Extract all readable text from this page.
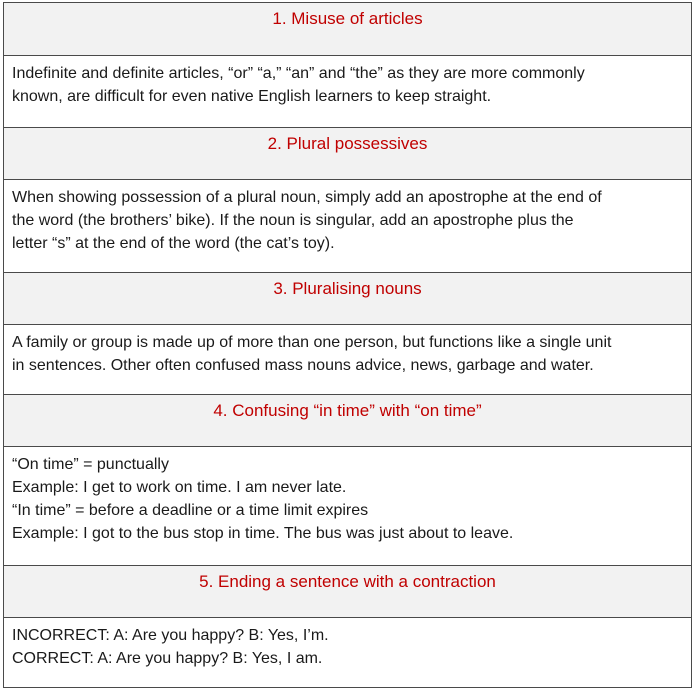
1. Misuse of articles
Indefinite and definite articles, “or” “a,” “an” and “the” as they are more commonly
known, are difficult for even native English learners to keep straight.
2. Plural possessives
When showing possession of a plural noun, simply add an apostrophe at the end of
the word (the brothers’ bike). If the noun is singular, add an apostrophe plus the
letter “s” at the end of the word (the cat’s toy).
3. Pluralising nouns
A family or group is made up of more than one person, but functions like a single unit
in sentences. Other often confused mass nouns advice, news, garbage and water.
4. Confusing “in time” with “on time”
“On time” = punctually
Example: I get to work on time. I am never late.
“In time” = before a deadline or a time limit expires
Example: I got to the bus stop in time. The bus was just about to leave.
5. Ending a sentence with a contraction
INCORRECT: A: Are you happy? B: Yes, I’m.
CORRECT: A: Are you happy? B: Yes, I am.
